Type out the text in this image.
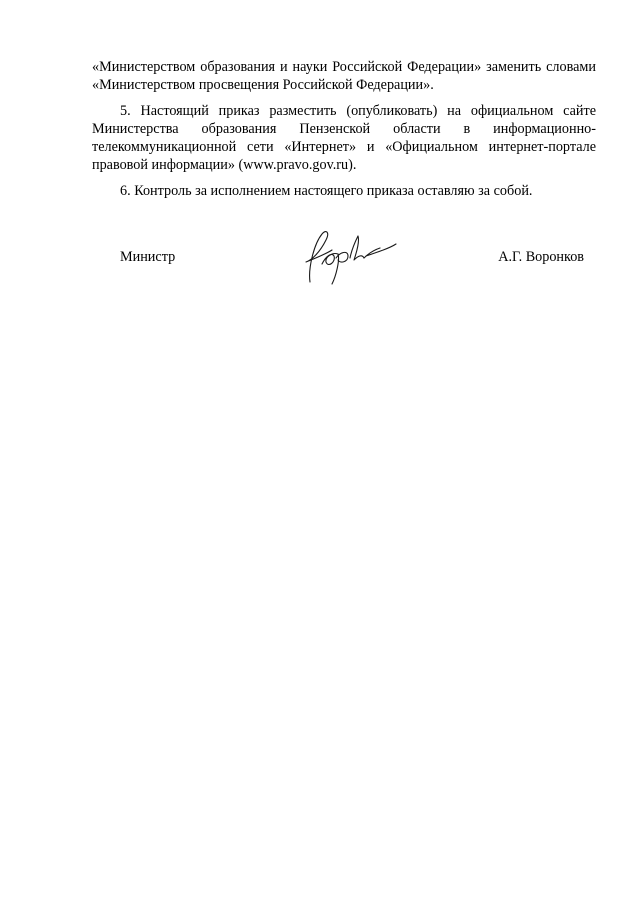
«Министерством образования и науки Российской Федерации» заменить словами «Министерством просвещения Российской Федерации».

5. Настоящий приказ разместить (опубликовать) на официальном сайте Министерства образования Пензенской области в информационно-телекоммуникационной сети «Интернет» и «Официальном интернет-портале правовой информации» (www.pravo.gov.ru).

6. Контроль за исполнением настоящего приказа оставляю за собой.

Министр	А.Г. Воронков
